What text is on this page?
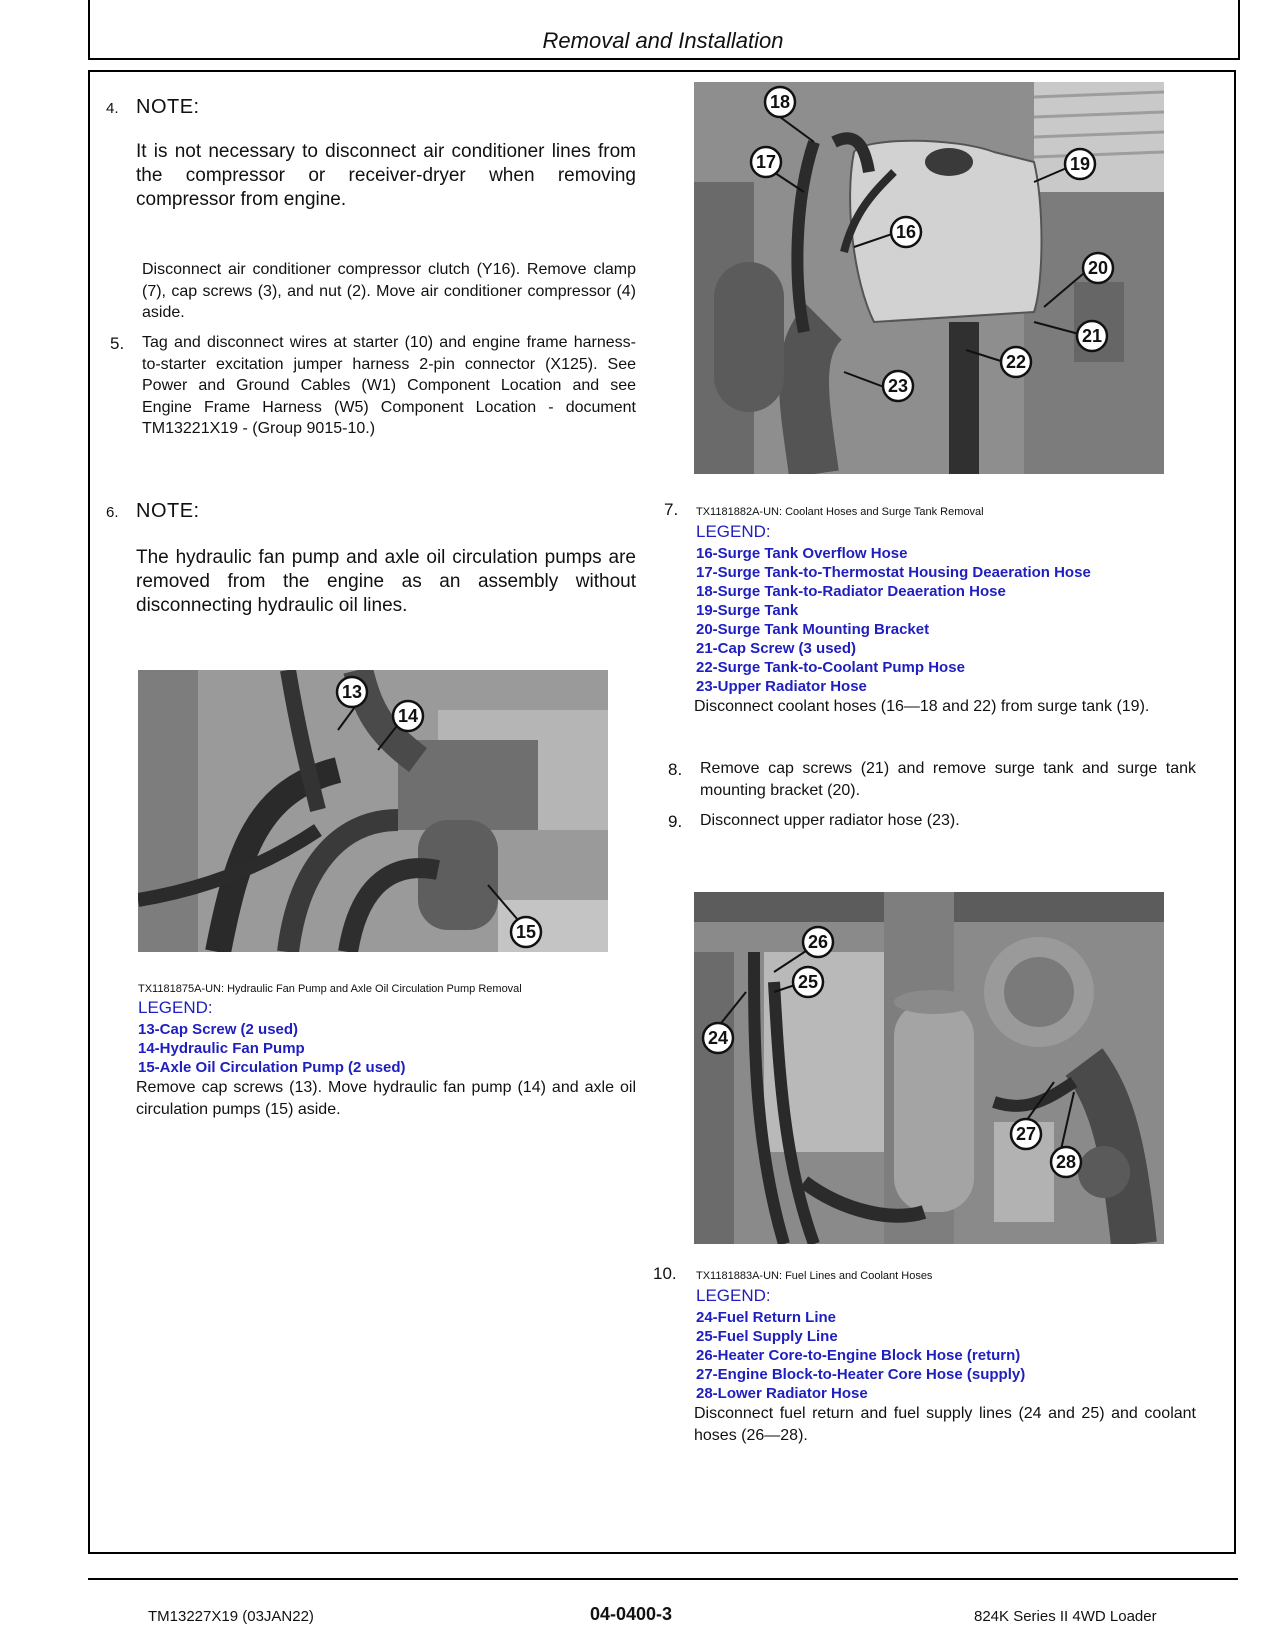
Removal and Installation
4. NOTE:
It is not necessary to disconnect air conditioner lines from the compressor or receiver-dryer when removing compressor from engine.
Disconnect air conditioner compressor clutch (Y16). Remove clamp (7), cap screws (3), and nut (2). Move air conditioner compressor (4) aside.
5. Tag and disconnect wires at starter (10) and engine frame harness-to-starter excitation jumper harness 2-pin connector (X125). See Power and Ground Cables (W1) Component Location and see Engine Frame Harness (W5) Component Location - document TM13221X19 - (Group 9015-10.)
6. NOTE:
The hydraulic fan pump and axle oil circulation pumps are removed from the engine as an assembly without disconnecting hydraulic oil lines.
13
14
15
TX1181875A-UN: Hydraulic Fan Pump and Axle Oil Circulation Pump Removal
LEGEND:
13-Cap Screw (2 used)
14-Hydraulic Fan Pump
15-Axle Oil Circulation Pump (2 used)
Remove cap screws (13). Move hydraulic fan pump (14) and axle oil circulation pumps (15) aside.
18
17	19
16
20
21
22
23
7. TX1181882A-UN: Coolant Hoses and Surge Tank Removal
LEGEND:
16-Surge Tank Overflow Hose
17-Surge Tank-to-Thermostat Housing Deaeration Hose
18-Surge Tank-to-Radiator Deaeration Hose
19-Surge Tank
20-Surge Tank Mounting Bracket
21-Cap Screw (3 used)
22-Surge Tank-to-Coolant Pump Hose
23-Upper Radiator Hose
Disconnect coolant hoses (16—18 and 22) from surge tank (19).
8. Remove cap screws (21) and remove surge tank and surge tank mounting bracket (20).
9. Disconnect upper radiator hose (23).
26
25
24
27
28
10. TX1181883A-UN: Fuel Lines and Coolant Hoses
LEGEND:
24-Fuel Return Line
25-Fuel Supply Line
26-Heater Core-to-Engine Block Hose (return)
27-Engine Block-to-Heater Core Hose (supply)
28-Lower Radiator Hose
Disconnect fuel return and fuel supply lines (24 and 25) and coolant hoses (26—28).
TM13227X19 (03JAN22)	04-0400-3	824K Series II 4WD Loader
